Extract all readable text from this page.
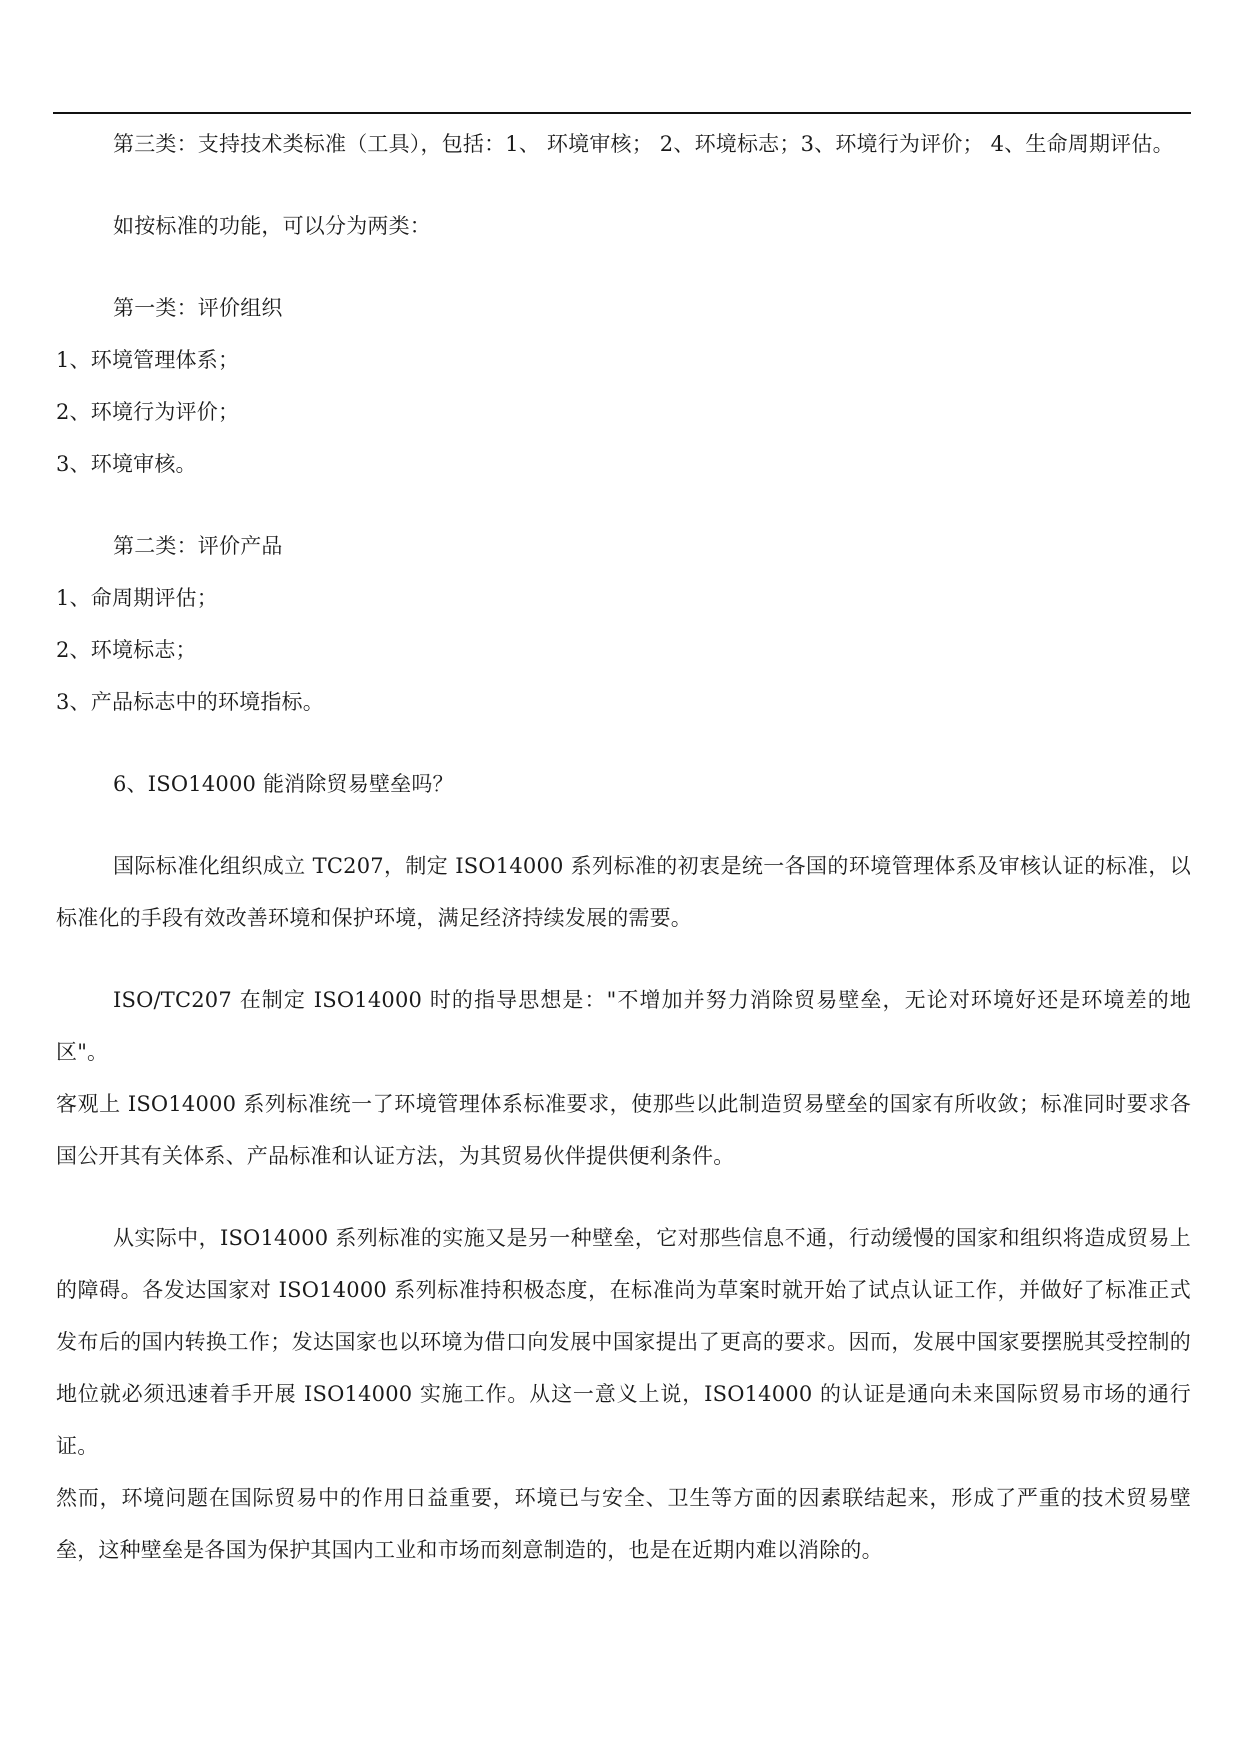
第三类：支持技术类标准（工具），包括：1、 环境审核； 2、环境标志；3、环境行为评价； 4、生命周期评估。

如按标准的功能，可以分为两类：

第一类：评价组织

1、环境管理体系；

2、环境行为评价；

3、环境审核。

第二类：评价产品

1、命周期评估；

2、环境标志；

3、产品标志中的环境指标。

6、ISO14000 能消除贸易壁垒吗？

国际标准化组织成立 TC207，制定 ISO14000 系列标准的初衷是统一各国的环境管理体系及审核认证的标准，以标准化的手段有效改善环境和保护环境，满足经济持续发展的需要。

ISO/TC207 在制定 ISO14000 时的指导思想是："不增加并努力消除贸易壁垒，无论对环境好还是环境差的地区"。

客观上 ISO14000 系列标准统一了环境管理体系标准要求，使那些以此制造贸易壁垒的国家有所收敛；标准同时要求各国公开其有关体系、产品标准和认证方法，为其贸易伙伴提供便利条件。

从实际中，ISO14000 系列标准的实施又是另一种壁垒，它对那些信息不通，行动缓慢的国家和组织将造成贸易上的障碍。各发达国家对 ISO14000 系列标准持积极态度，在标准尚为草案时就开始了试点认证工作，并做好了标准正式发布后的国内转换工作；发达国家也以环境为借口向发展中国家提出了更高的要求。因而，发展中国家要摆脱其受控制的地位就必须迅速着手开展 ISO14000 实施工作。从这一意义上说，ISO14000 的认证是通向未来国际贸易市场的通行证。

然而，环境问题在国际贸易中的作用日益重要，环境已与安全、卫生等方面的因素联结起来，形成了严重的技术贸易壁垒，这种壁垒是各国为保护其国内工业和市场而刻意制造的，也是在近期内难以消除的。
